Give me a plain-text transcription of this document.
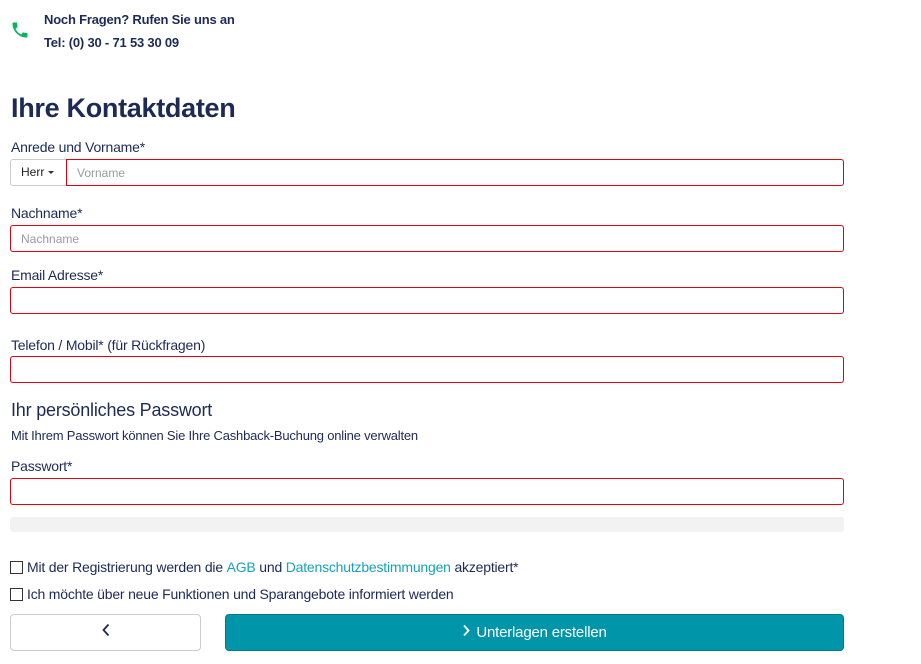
Noch Fragen? Rufen Sie uns an
Tel: (0) 30 - 71 53 30 09
Ihre Kontaktdaten
Anrede und Vorname*
Herr
Vorname
Nachname*
Nachname
Email Adresse*
Telefon / Mobil* (für Rückfragen)
Ihr persönliches Passwort
Mit Ihrem Passwort können Sie Ihre Cashback-Buchung online verwalten
Passwort*
Mit der Registrierung werden die AGB und Datenschutzbestimmungen akzeptiert*
Ich möchte über neue Funktionen und Sparangebote informiert werden
Unterlagen erstellen
